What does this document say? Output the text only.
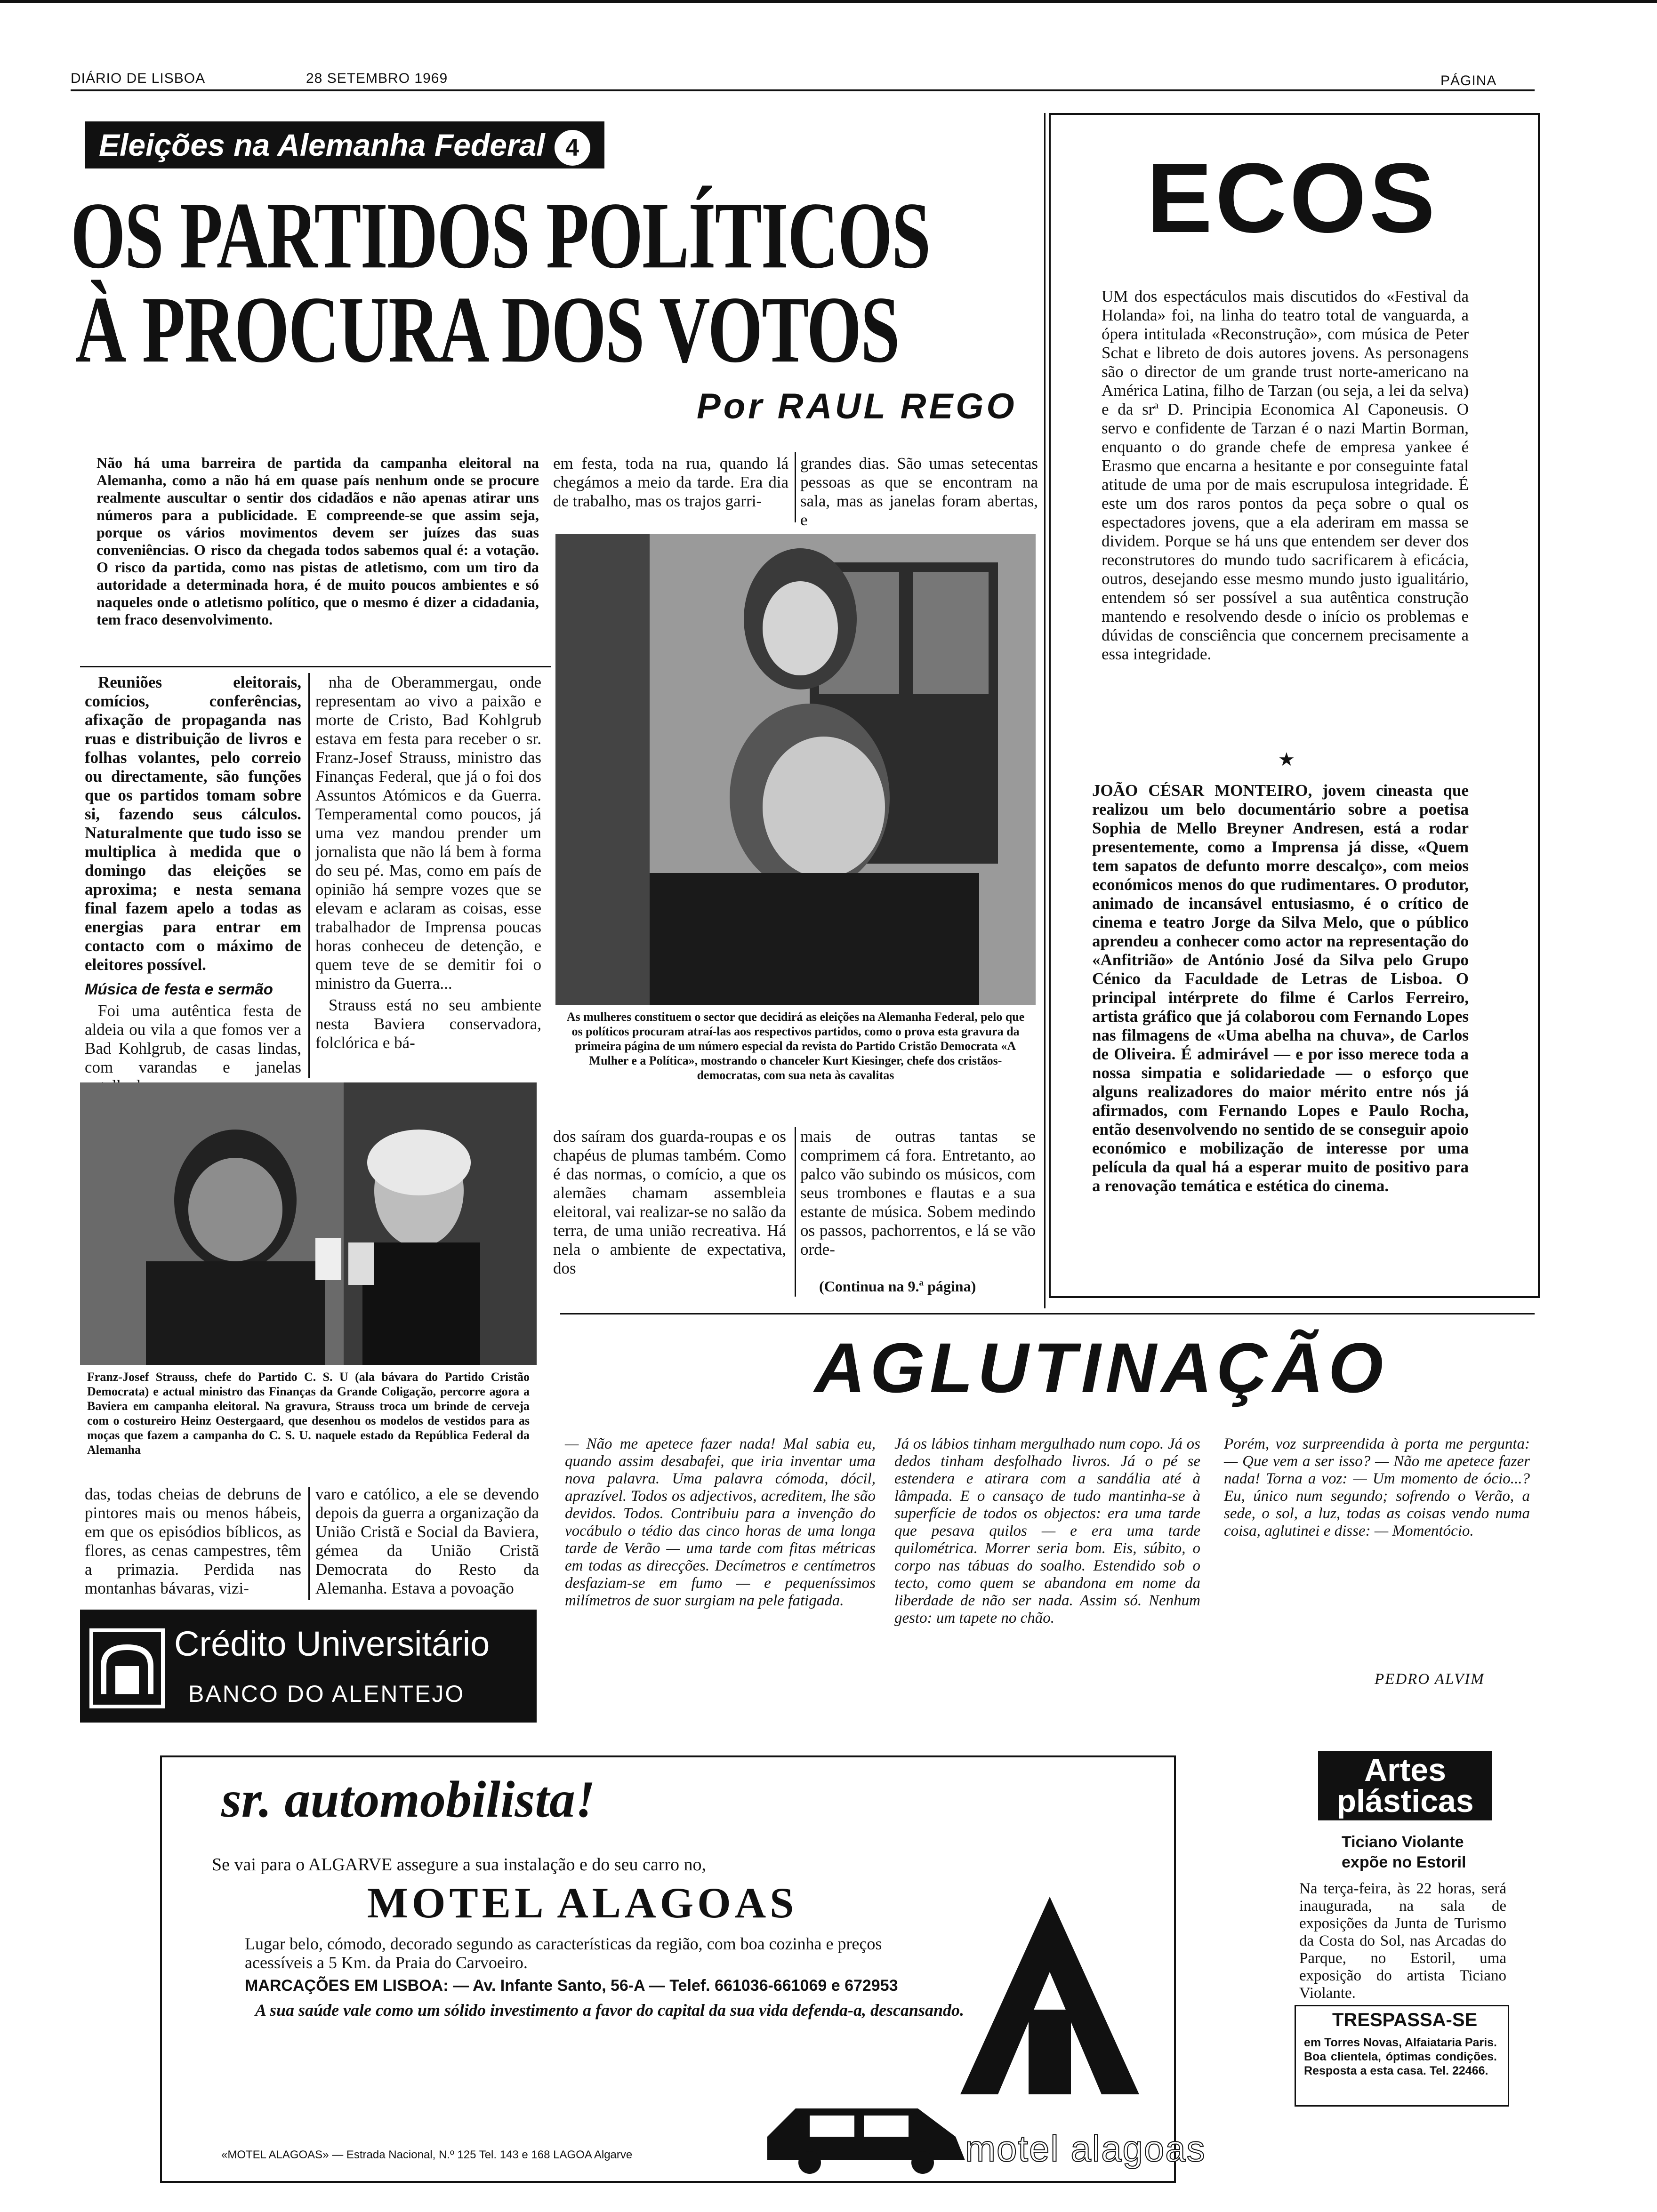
DIÁRIO DE LISBOA	28 SETEMBRO 1969	PÁGINA
Eleições na Alemanha Federal 4
OS PARTIDOS POLÍTICOS
À PROCURA DOS VOTOS
Por RAUL REGO
Não há uma barreira de partida da campanha eleitoral na Alemanha, como a não há em quase país nenhum onde se procure realmente auscultar o sentir dos cidadãos e não apenas atirar uns números para a publicidade. E compreende-se que assim seja, porque os vários movimentos devem ser juízes das suas conveniências. O risco da chegada todos sabemos qual é: a votação. O risco da partida, como nas pistas de atletismo, com um tiro da autoridade a determinada hora, é de muito poucos ambientes e só naqueles onde o atletismo político, que o mesmo é dizer a cidadania, tem fraco desenvolvimento.

Reuniões eleitorais, comícios, conferências, afixação de propaganda nas ruas e distribuição de livros e folhas volantes, pelo correio ou directamente, são funções que os partidos tomam sobre si, fazendo seus cálculos. Naturalmente que tudo isso se multiplica à medida que o domingo das eleições se aproxima; e nesta semana final fazem apelo a todas as energias para entrar em contacto com o máximo de eleitores possível.

Música de festa e sermão

Foi uma autêntica festa de aldeia ou vila a que fomos ver a Bad Kohlgrub, de casas lindas, com varandas e janelas

nha de Oberammergau, onde representam ao vivo a paixão e morte de Cristo, Bad Kohlgrub estava em festa para receber o sr. Franz-Josef Strauss, ministro das Finanças Federal, que já o foi dos Assuntos Atómicos e da Guerra. Temperamental como poucos, já uma vez mandou prender um jornalista que não lá bem à forma do seu pé. Mas, como em país de opinião há sempre vozes que se elevam e aclaram as coisas, esse trabalhador de Imprensa poucas horas conheceu de detenção, e quem teve de se demitir foi o ministro da Guerra...

Strauss está no seu ambiente nesta Baviera conservadora, folclórica e bá-

Franz-Josef Strauss, chefe do Partido C. S. U (ala bávara do Partido Cristão Democrata) e actual ministro das Finanças da Grande Coligação, percorre agora a Baviera em campanha eleitoral. Na gravura, Strauss troca um brinde de cerveja com o costureiro Heinz Oestergaard, que desenhou os modelos de vestidos para as moças que fazem a campanha do C. S. U. naquele estado da República Federal da Alemanha
das, todas cheias de debruns de pintores mais ou menos hábeis, em que os episódios bíblicos, as flores, as cenas campestres, têm a primazia. Perdida nas montanhas bávaras, vizi-
varo e católico, a ele se devendo depois da guerra a organização da União Cristã e Social da Baviera, gémea da União Cristã Democrata do Resto da Alemanha. Estava a povoação
Crédito Universitário
BANCO DO ALENTEJO
em festa, toda na rua, quando lá chegámos a meio da tarde. Era dia de trabalho, mas os trajos garri-
grandes dias. São umas setecentas pessoas as que se encontram na sala, mas as janelas foram abertas, e
As mulheres constituem o sector que decidirá as eleições na Alemanha Federal, pelo que os políticos procuram atraí-las aos respectivos partidos, como o prova esta gravura da primeira página de um número especial da revista do Partido Cristão Democrata «A Mulher e a Política», mostrando o chanceler Kurt Kiesinger, chefe dos cristãos-democratas, com sua neta às cavalitas
dos saíram dos guarda-roupas e os chapéus de plumas também. Como é das normas, o comício, a que os alemães chamam assembleia eleitoral, vai realizar-se no salão da terra, de uma união recreativa. Há nela o ambiente de expectativa, dos
mais de outras tantas se comprimem cá fora. Entretanto, ao palco vão subindo os músicos, com seus trombones e flautas e a sua estante de música. Sobem medindo os passos, pachorrentos, e lá se vão orde-
(Continua na 9.ª página)
ECOS
UM dos espectáculos mais discutidos do «Festival da Holanda» foi, na linha do teatro total de vanguarda, a ópera intitulada «Reconstrução», com música de Peter Schat e libreto de dois autores jovens. As personagens são o director de um grande trust norte-americano na América Latina, filho de Tarzan (ou seja, a lei da selva) e da srª D. Principia Economica Al Caponeusis. O servo e confidente de Tarzan é o nazi Martin Borman, enquanto o do grande chefe de empresa yankee é Erasmo que encarna a hesitante e por conseguinte fatal atitude de uma por de mais escrupulosa integridade. É este um dos raros pontos da peça sobre o qual os espectadores jovens, que a ela aderiram em massa se dividem. Porque se há uns que entendem ser dever dos reconstrutores do mundo tudo sacrificarem à eficácia, outros, desejando esse mesmo mundo justo igualitário, entendem só ser possível a sua autêntica construção mantendo e resolvendo desde o início os problemas e dúvidas de consciência que concernem precisamente a essa integridade.
★
JOÃO CÉSAR MONTEIRO, jovem cineasta que realizou um belo documentário sobre a poetisa Sophia de Mello Breyner Andresen, está a rodar presentemente, como a Imprensa já disse, «Quem tem sapatos de defunto morre descalço», com meios económicos menos do que rudimentares. O produtor, animado de incansável entusiasmo, é o crítico de cinema e teatro Jorge da Silva Melo, que o público aprendeu a conhecer como actor na representação do «Anfitrião» de António José da Silva pelo Grupo Cénico da Faculdade de Letras de Lisboa. O principal intérprete do filme é Carlos Ferreiro, artista gráfico que já colaborou com Fernando Lopes nas filmagens de «Uma abelha na chuva», de Carlos de Oliveira. É admirável — e por isso merece toda a nossa simpatia e solidariedade — o esforço que alguns realizadores do maior mérito entre nós já afirmados, com Fernando Lopes e Paulo Rocha, então desenvolvendo no sentido de se conseguir apoio económico e mobilização de interesse por uma película da qual há a esperar muito de positivo para a renovação temática e estética do cinema.
AGLUTINAÇÃO
— Não me apetece fazer nada! Mal sabia eu, quando assim desabafei, que iria inventar uma nova palavra. Uma palavra cómoda, dócil, aprazível. Todos os adjectivos, acreditem, lhe são devidos. Todos. Contribuiu para a invenção do vocábulo o tédio das cinco horas de uma longa tarde de Verão — uma tarde com fitas métricas em todas as direcções. Decímetros e centímetros desfaziam-se em fumo — e pequeníssimos milímetros de suor surgiam na pele fatigada.
Já os lábios tinham mergulhado num copo. Já os dedos tinham desfolhado livros. Já o pé se estendera e atirara com a sandália até à lâmpada. E o cansaço de tudo mantinha-se à superfície de todos os objectos: era uma tarde que pesava quilos — e era uma tarde quilométrica. Morrer seria bom. Eis, súbito, o corpo nas tábuas do soalho. Estendido sob o tecto, como quem se abandona em nome da liberdade de não ser nada. Assim só. Nenhum gesto: um tapete no chão.
Porém, voz surpreendida à porta me pergunta: — Que vem a ser isso? — Não me apetece fazer nada! Torna a voz: — Um momento de ócio...? Eu, único num segundo; sofrendo o Verão, a sede, o sol, a luz, todas as coisas vendo numa coisa, aglutinei e disse: — Momentócio.
PEDRO ALVIM
sr. automobilista!
Se vai para o ALGARVE assegure a sua instalação e do seu carro no,
MOTEL ALAGOAS
Lugar belo, cómodo, decorado segundo as características da região, com boa cozinha e preços acessíveis a 5 Km. da Praia do Carvoeiro.
MARCAÇÕES EM LISBOA: — Av. Infante Santo, 56-A — Telef. 661036-661069 e 672953
A sua saúde vale como um sólido investimento a favor do capital da sua vida defenda-a, descansando.
«MOTEL ALAGOAS» — Estrada Nacional, N.º 125 Tel. 143 e 168 LAGOA Algarve	motel alagoas
Artes
plásticas
Ticiano Violante
expõe no Estoril
Na terça-feira, às 22 horas, será inaugurada, na sala de exposições da Junta de Turismo da Costa do Sol, nas Arcadas do Parque, no Estoril, uma exposição do artista Ticiano Violante.
TRESPASSA-SE
em Torres Novas, Alfaiataria Paris. Boa clientela, óptimas condições. Resposta a esta casa. Tel. 22466.
